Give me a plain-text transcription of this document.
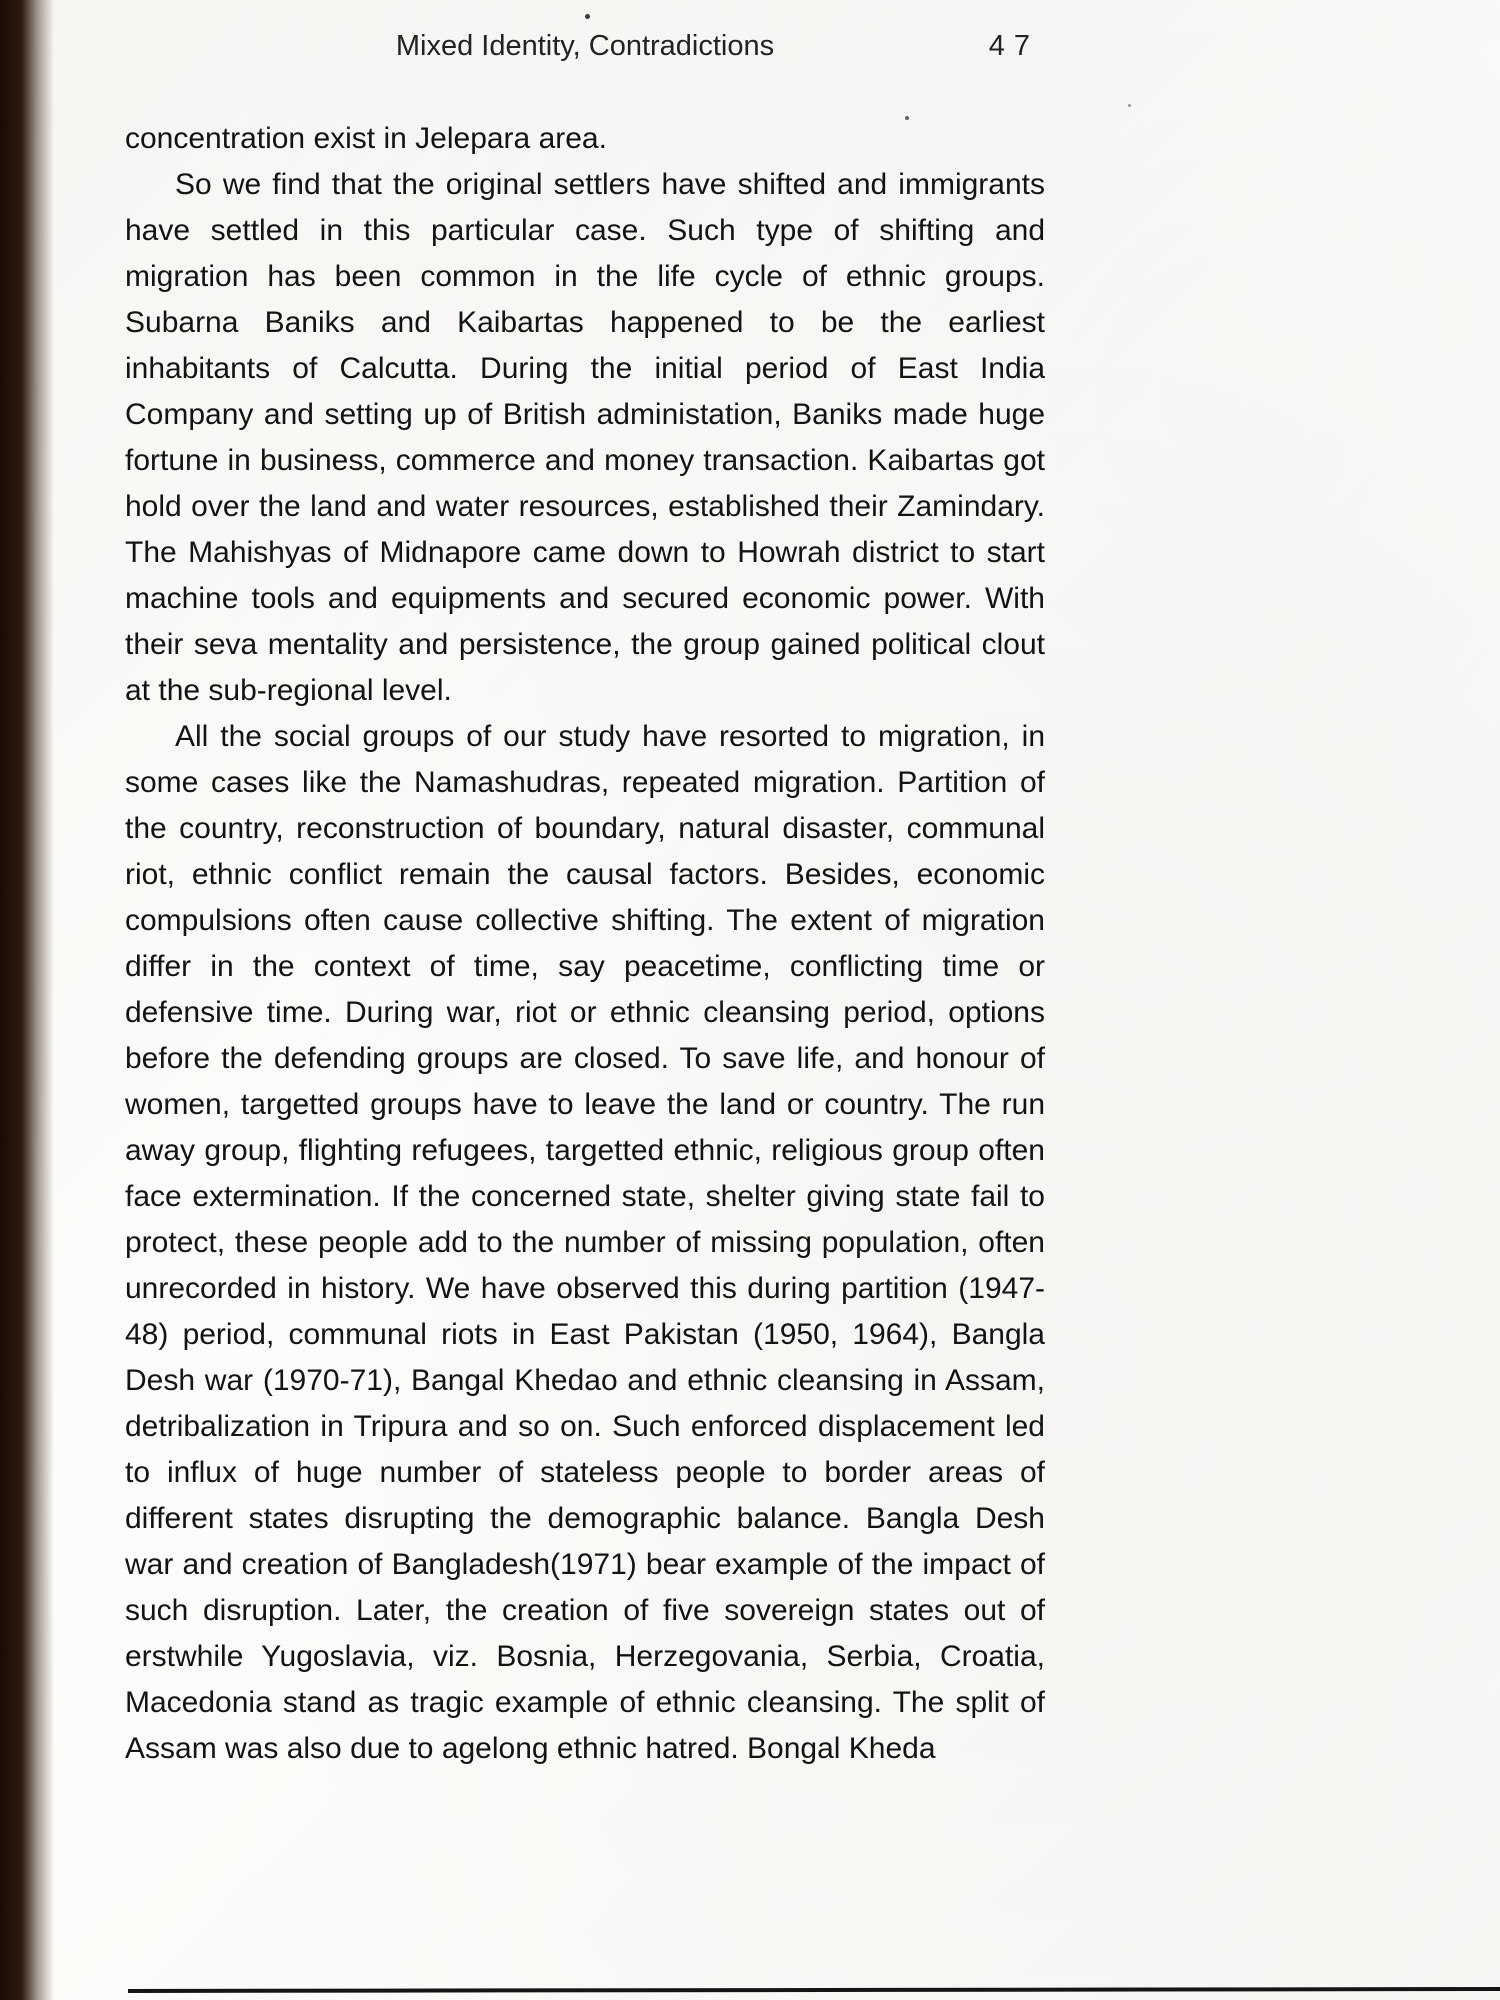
Mixed Identity, Contradictions	47

concentration exist in Jelepara area.

So we find that the original settlers have shifted and immigrants have settled in this particular case. Such type of shifting and migration has been common in the life cycle of ethnic groups. Subarna Baniks and Kaibartas happened to be the earliest inhabitants of Calcutta. During the initial period of East India Company and setting up of British administation, Baniks made huge fortune in business, commerce and money transaction. Kaibartas got hold over the land and water resources, established their Zamindary. The Mahishyas of Midnapore came down to Howrah district to start machine tools and equipments and secured economic power. With their seva mentality and persistence, the group gained political clout at the sub-regional level.

All the social groups of our study have resorted to migration, in some cases like the Namashudras, repeated migration. Partition of the country, reconstruction of boundary, natural disaster, communal riot, ethnic conflict remain the causal factors. Besides, economic compulsions often cause collective shifting. The extent of migration differ in the context of time, say peacetime, conflicting time or defensive time. During war, riot or ethnic cleansing period, options before the defending groups are closed. To save life, and honour of women, targetted groups have to leave the land or country. The run away group, flighting refugees, targetted ethnic, religious group often face extermination. If the concerned state, shelter giving state fail to protect, these people add to the number of missing population, often unrecorded in history. We have observed this during partition (1947-48) period, communal riots in East Pakistan (1950, 1964), Bangla Desh war (1970-71), Bangal Khedao and ethnic cleansing in Assam, detribalization in Tripura and so on. Such enforced displacement led to influx of huge number of stateless people to border areas of different states disrupting the demographic balance. Bangla Desh war and creation of Bangladesh(1971) bear example of the impact of such disruption. Later, the creation of five sovereign states out of erstwhile Yugoslavia, viz. Bosnia, Herzegovania, Serbia, Croatia, Macedonia stand as tragic example of ethnic cleansing. The split of Assam was also due to agelong ethnic hatred. Bongal Kheda
